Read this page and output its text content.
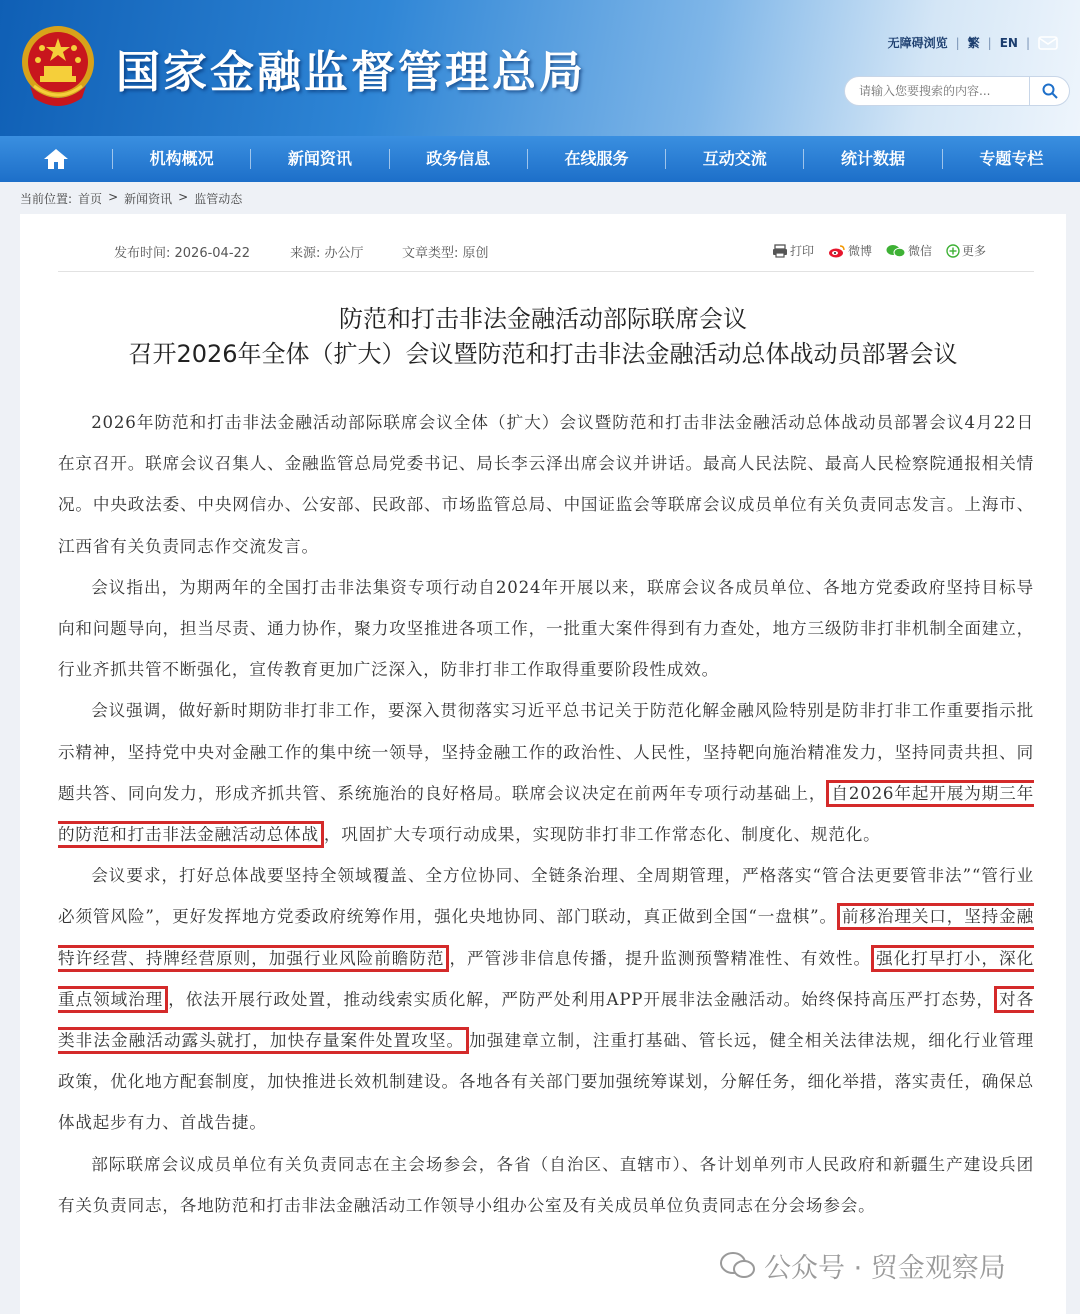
国家金融监督管理总局
无障碍浏览 | 繁 | EN |
请输入您要搜索的内容...
机构概况	新闻资讯	政务信息	在线服务	互动交流	统计数据	专题专栏
当前位置: 首页 > 新闻资讯 > 监管动态
发布时间: 2026-04-22	来源: 办公厅	文章类型: 原创	打印	微博	微信	更多
防范和打击非法金融活动部际联席会议
召开2026年全体（扩大）会议暨防范和打击非法金融活动总体战动员部署会议

2026年防范和打击非法金融活动部际联席会议全体（扩大）会议暨防范和打击非法金融活动总体战动员部署会议4月22日在京召开。联席会议召集人、金融监管总局党委书记、局长李云泽出席会议并讲话。最高人民法院、最高人民检察院通报相关情况。中央政法委、中央网信办、公安部、民政部、市场监管总局、中国证监会等联席会议成员单位有关负责同志发言。上海市、江西省有关负责同志作交流发言。

会议指出，为期两年的全国打击非法集资专项行动自2024年开展以来，联席会议各成员单位、各地方党委政府坚持目标导向和问题导向，担当尽责、通力协作，聚力攻坚推进各项工作，一批重大案件得到有力查处，地方三级防非打非机制全面建立，行业齐抓共管不断强化，宣传教育更加广泛深入，防非打非工作取得重要阶段性成效。

会议强调，做好新时期防非打非工作，要深入贯彻落实习近平总书记关于防范化解金融风险特别是防非打非工作重要指示批示精神，坚持党中央对金融工作的集中统一领导，坚持金融工作的政治性、人民性，坚持靶向施治精准发力，坚持同责共担、同题共答、同向发力，形成齐抓共管、系统施治的良好格局。联席会议决定在前两年专项行动基础上， 自2026年起开展为期三年的防范和打击非法金融活动总体战 ，巩固扩大专项行动成果，实现防非打非工作常态化、制度化、规范化。

会议要求，打好总体战要坚持全领域覆盖、全方位协同、全链条治理、全周期管理，严格落实“管合法更要管非法”“管行业必须管风险”，更好发挥地方党委政府统筹作用，强化央地协同、部门联动，真正做到全国“一盘棋”。 前移治理关口，坚持金融特许经营、持牌经营原则，加强行业风险前瞻防范 ，严管涉非信息传播，提升监测预警精准性、有效性。 强化打早打小，深化重点领域治理 ，依法开展行政处置，推动线索实质化解，严防严处利用APP开展非法金融活动。始终保持高压严打态势， 对各类非法金融活动露头就打，加快存量案件处置攻坚。 加强建章立制，注重打基础、管长远，健全相关法律法规，细化行业管理政策，优化地方配套制度，加快推进长效机制建设。各地各有关部门要加强统筹谋划，分解任务，细化举措，落实责任，确保总体战起步有力、首战告捷。

部际联席会议成员单位有关负责同志在主会场参会，各省（自治区、直辖市）、各计划单列市人民政府和新疆生产建设兵团有关负责同志，各地防范和打击非法金融活动工作领导小组办公室及有关成员单位负责同志在分会场参会。

公众号 · 贸金观察局
